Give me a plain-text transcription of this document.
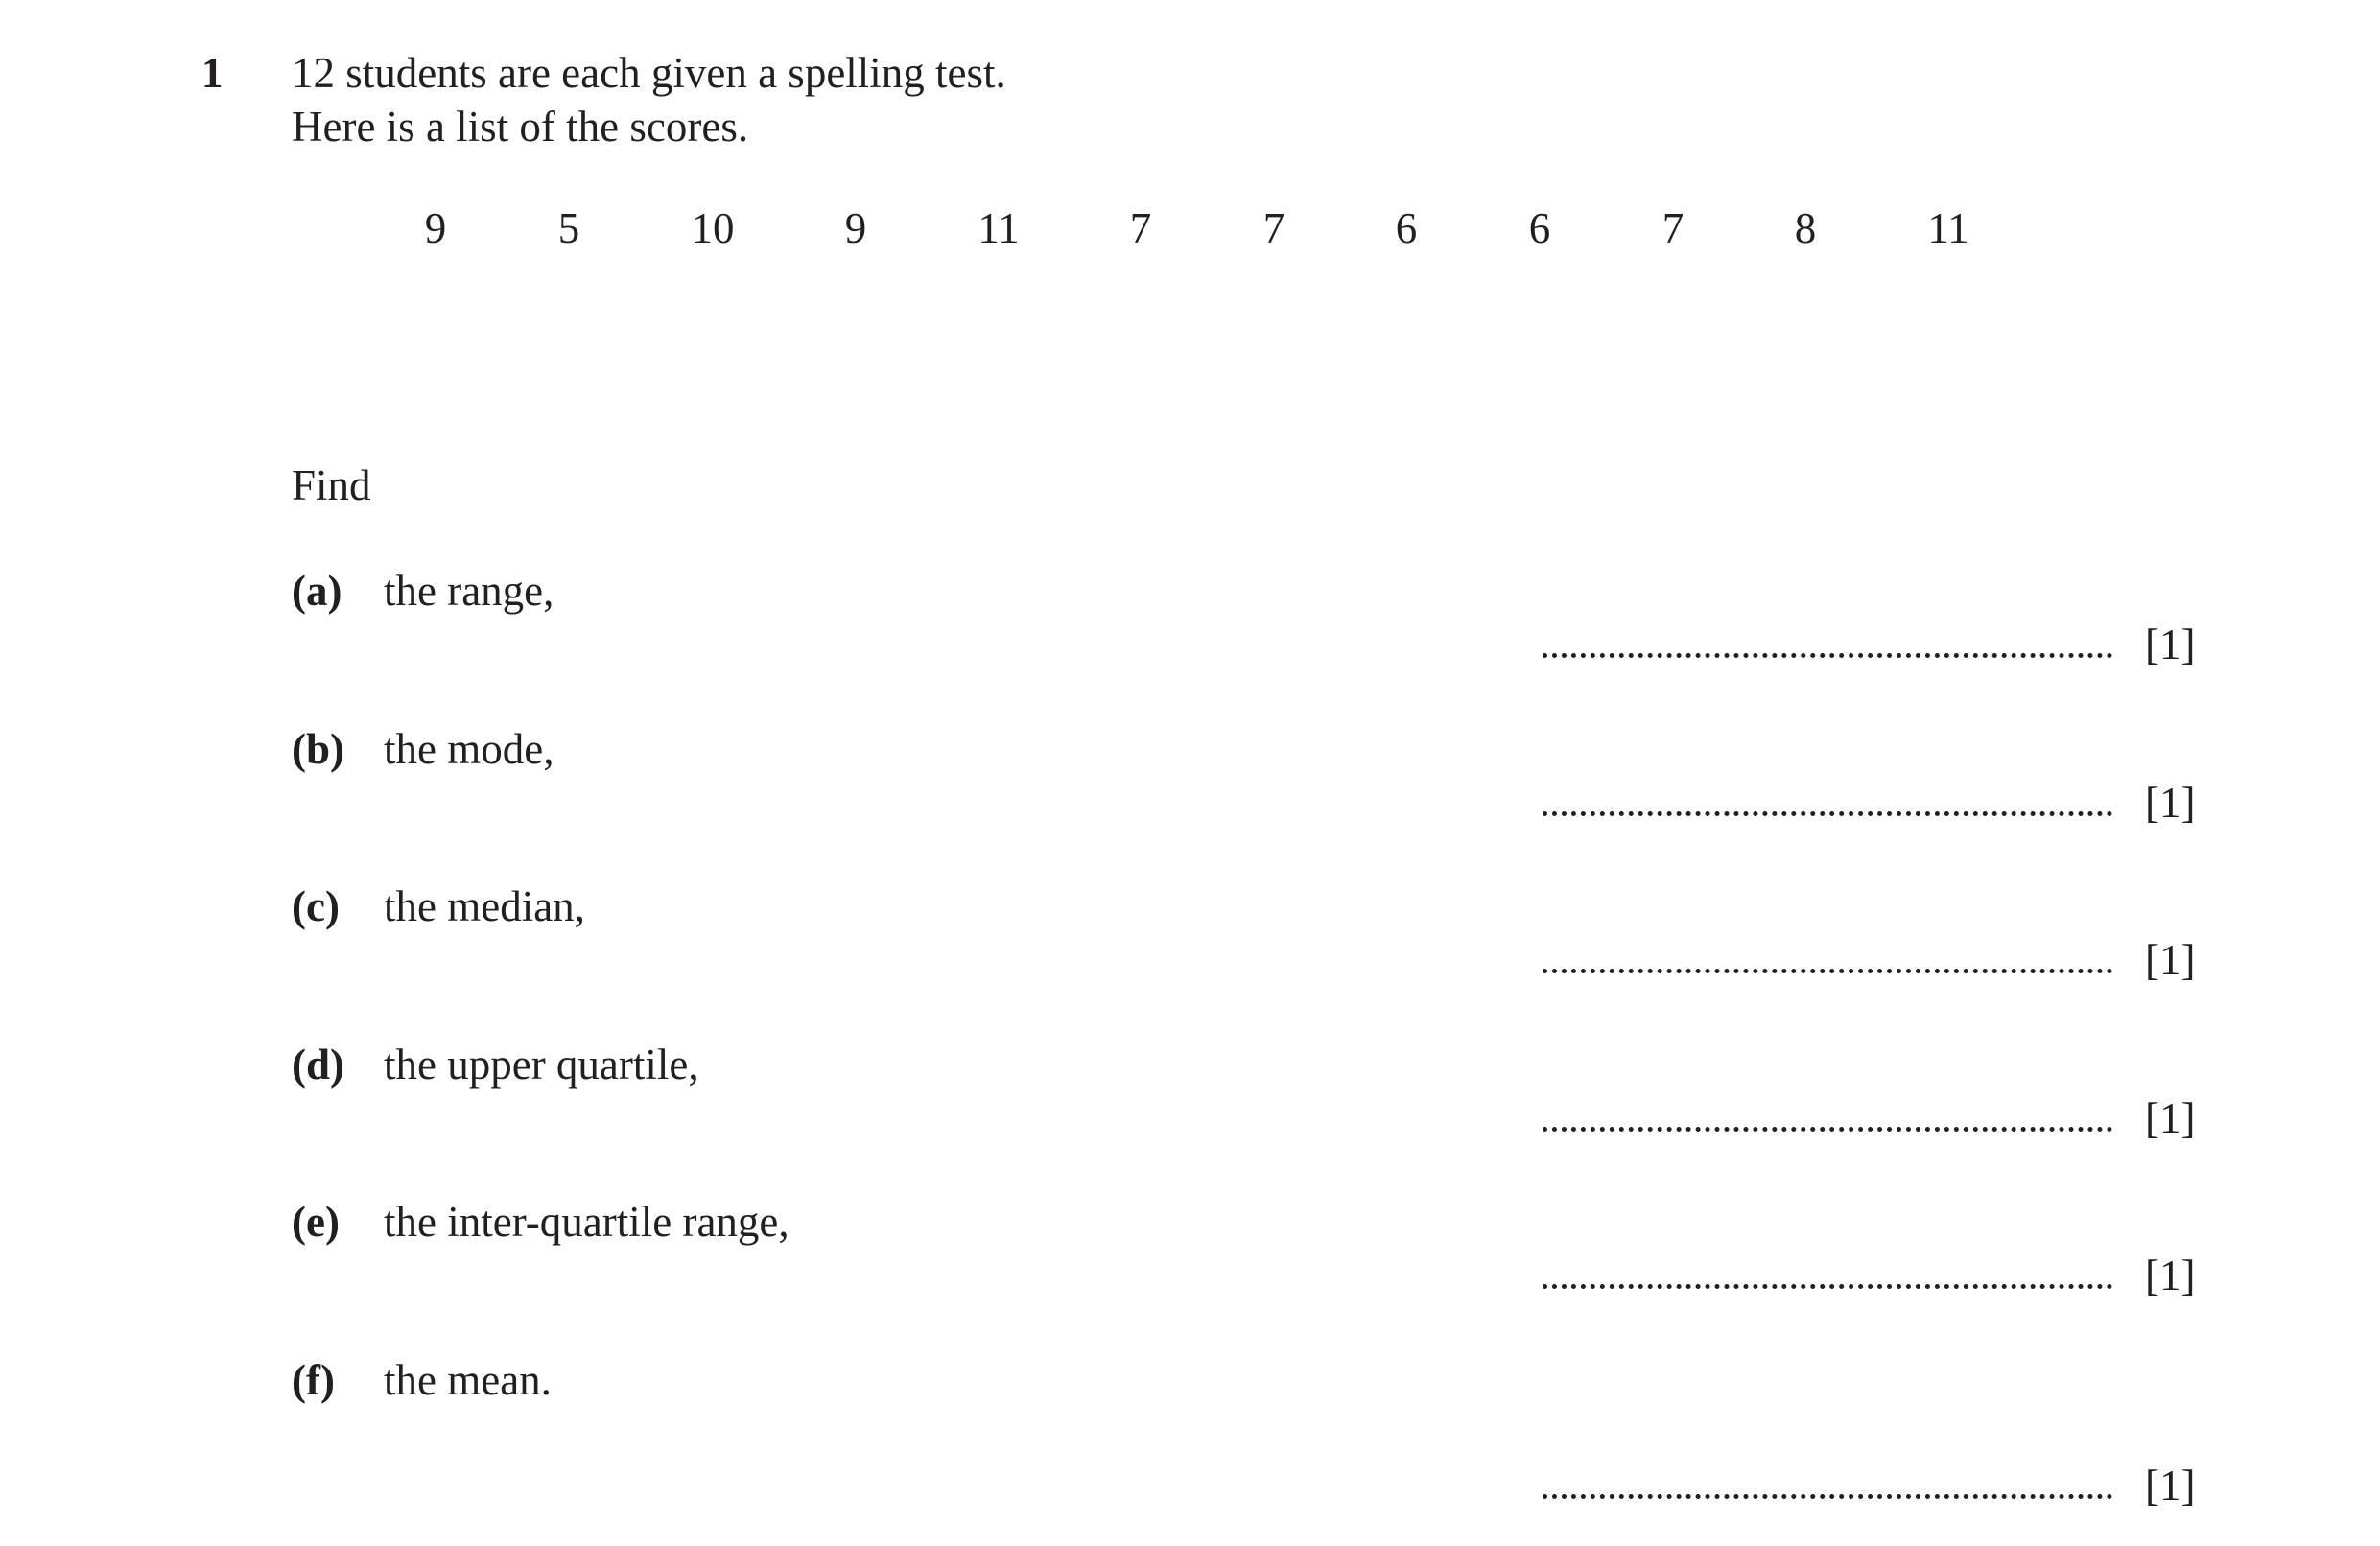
1 12 students are each given a spelling test.
Here is a list of the scores.
9	5	10	9	11	7	7	6	6	7	8	11
Find
(a) the range,
[1]
(b) the mode,
[1]
(c) the median,
[1]
(d) the upper quartile,
[1]
(e) the inter-quartile range,
[1]
(f) the mean.
[1]
